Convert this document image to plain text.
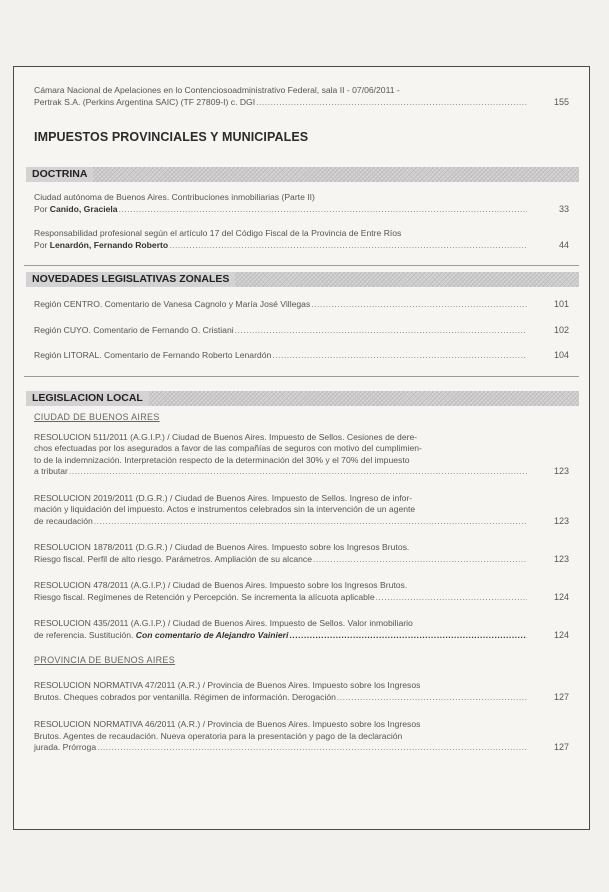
Cámara Nacional de Apelaciones en lo Contenciosoadministrativo Federal, sala II - 07/06/2011 -
Pertrak S.A. (Perkins Argentina SAIC) (TF 27809-I) c. DGI .....	155
IMPUESTOS PROVINCIALES Y MUNICIPALES
DOCTRINA
Ciudad autónoma de Buenos Aires. Contribuciones inmobiliarias (Parte II)
Por Canido, Graciela .....	33
Responsabilidad profesional según el artículo 17 del Código Fiscal de la Provincia de Entre Ríos
Por Lenardón, Fernando Roberto .....	44
NOVEDADES LEGISLATIVAS ZONALES
Región CENTRO. Comentario de Vanesa Cagnolo y María José Villegas .....	101
Región CUYO. Comentario de Fernando O. Cristiani .....	102
Región LITORAL. Comentario de Fernando Roberto Lenardón .....	104
LEGISLACION LOCAL
CIUDAD DE BUENOS AIRES
RESOLUCION 511/2011 (A.G.I.P.) / Ciudad de Buenos Aires. Impuesto de Sellos. Cesiones de dere-
chos efectuadas por los asegurados a favor de las compañías de seguros con motivo del cumplimien-
to de la indemnización. Interpretación respecto de la determinación del 30% y el 70% del impuesto
a tributar .....	123
RESOLUCION 2019/2011 (D.G.R.) / Ciudad de Buenos Aires. Impuesto de Sellos. Ingreso de infor-
mación y liquidación del impuesto. Actos e instrumentos celebrados sin la intervención de un agente
de recaudación .....	123
RESOLUCION 1878/2011 (D.G.R.) / Ciudad de Buenos Aires. Impuesto sobre los Ingresos Brutos.
Riesgo fiscal. Perfil de alto riesgo. Parámetros. Ampliación de su alcance .....	123
RESOLUCION 478/2011 (A.G.I.P.) / Ciudad de Buenos Aires. Impuesto sobre los Ingresos Brutos.
Riesgo fiscal. Regímenes de Retención y Percepción. Se incrementa la alícuota aplicable .....	124
RESOLUCION 435/2011 (A.G.I.P.) / Ciudad de Buenos Aires. Impuesto de Sellos. Valor inmobiliario
de referencia. Sustitución. Con comentario de Alejandro Vainieri .....	124
PROVINCIA DE BUENOS AIRES
RESOLUCION NORMATIVA 47/2011 (A.R.) / Provincia de Buenos Aires. Impuesto sobre los Ingresos
Brutos. Cheques cobrados por ventanilla. Régimen de información. Derogación .....	127
RESOLUCION NORMATIVA 46/2011 (A.R.) / Provincia de Buenos Aires. Impuesto sobre los Ingresos
Brutos. Agentes de recaudación. Nueva operatoria para la presentación y pago de la declaración
jurada. Prórroga .....	127
